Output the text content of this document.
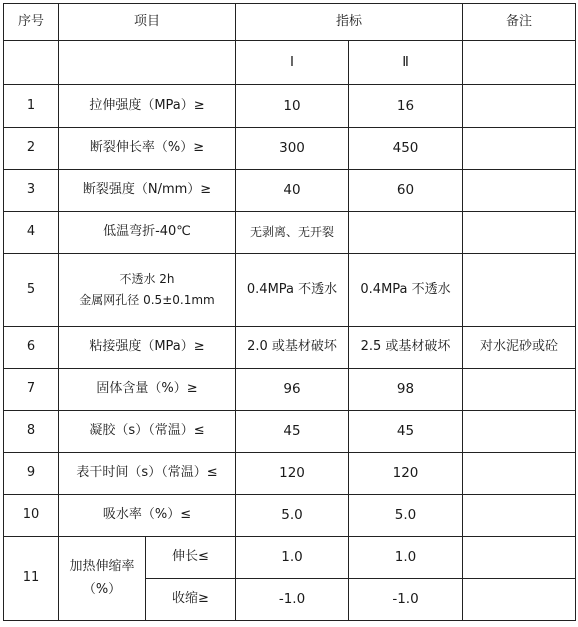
序号	项目		指标		备注
			Ⅰ	Ⅱ	
1	拉伸强度（MPa）≥		10	16	
2	断裂伸长率（%）≥		300	450	
3	断裂强度（N/mm）≥		40	60	
4	低温弯折-40℃		无剥离、无开裂		
5	不透水 2h
金属网孔径 0.5±0.1mm		0.4MPa 不透水	0.4MPa 不透水	
6	粘接强度（MPa）≥		2.0 或基材破坏	2.5 或基材破坏	对水泥砂或砼
7	固体含量（%）≥		96	98	
8	凝胶（s）（常温）≤		45	45	
9	表干时间（s）（常温）≤		120	120	
10	吸水率（%）≤		5.0	5.0	
11	加热伸缩率
（%）	伸长≤	1.0	1.0	
		收缩≥	-1.0	-1.0	
